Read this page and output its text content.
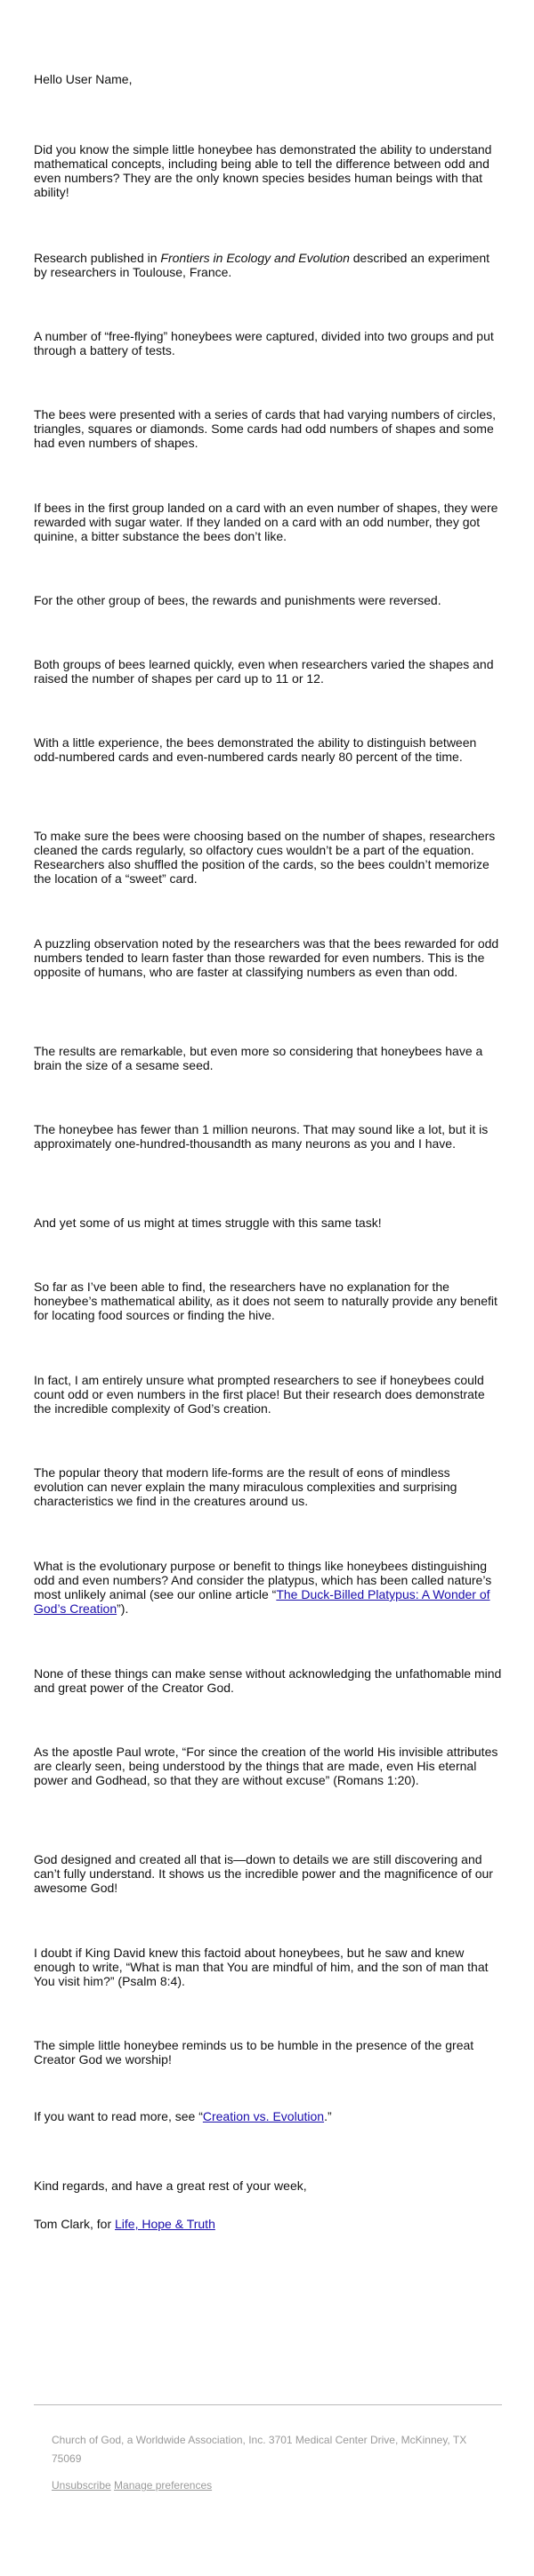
Hello User Name,

Did you know the simple little honeybee has demonstrated the ability to understand mathematical concepts, including being able to tell the difference between odd and even numbers? They are the only known species besides human beings with that ability!

Research published in Frontiers in Ecology and Evolution described an experiment by researchers in Toulouse, France.

A number of “free-flying” honeybees were captured, divided into two groups and put through a battery of tests.

The bees were presented with a series of cards that had varying numbers of circles, triangles, squares or diamonds. Some cards had odd numbers of shapes and some had even numbers of shapes.

If bees in the first group landed on a card with an even number of shapes, they were rewarded with sugar water. If they landed on a card with an odd number, they got quinine, a bitter substance the bees don’t like.

For the other group of bees, the rewards and punishments were reversed.

Both groups of bees learned quickly, even when researchers varied the shapes and raised the number of shapes per card up to 11 or 12.

With a little experience, the bees demonstrated the ability to distinguish between odd-numbered cards and even-numbered cards nearly 80 percent of the time.

To make sure the bees were choosing based on the number of shapes, researchers cleaned the cards regularly, so olfactory cues wouldn’t be a part of the equation. Researchers also shuffled the position of the cards, so the bees couldn’t memorize the location of a “sweet” card.

A puzzling observation noted by the researchers was that the bees rewarded for odd numbers tended to learn faster than those rewarded for even numbers. This is the opposite of humans, who are faster at classifying numbers as even than odd.

The results are remarkable, but even more so considering that honeybees have a brain the size of a sesame seed.

The honeybee has fewer than 1 million neurons. That may sound like a lot, but it is approximately one-hundred-thousandth as many neurons as you and I have.

And yet some of us might at times struggle with this same task!

So far as I’ve been able to find, the researchers have no explanation for the honeybee’s mathematical ability, as it does not seem to naturally provide any benefit for locating food sources or finding the hive.

In fact, I am entirely unsure what prompted researchers to see if honeybees could count odd or even numbers in the first place! But their research does demonstrate the incredible complexity of God’s creation.

The popular theory that modern life-forms are the result of eons of mindless evolution can never explain the many miraculous complexities and surprising characteristics we find in the creatures around us.

What is the evolutionary purpose or benefit to things like honeybees distinguishing odd and even numbers? And consider the platypus, which has been called nature’s most unlikely animal (see our online article “The Duck-Billed Platypus: A Wonder of God’s Creation”).

None of these things can make sense without acknowledging the unfathomable mind and great power of the Creator God.

As the apostle Paul wrote, “For since the creation of the world His invisible attributes are clearly seen, being understood by the things that are made, even His eternal power and Godhead, so that they are without excuse” (Romans 1:20).

God designed and created all that is—down to details we are still discovering and can’t fully understand. It shows us the incredible power and the magnificence of our awesome God!

I doubt if King David knew this factoid about honeybees, but he saw and knew enough to write, “What is man that You are mindful of him, and the son of man that You visit him?” (Psalm 8:4).

The simple little honeybee reminds us to be humble in the presence of the great Creator God we worship!

If you want to read more, see “Creation vs. Evolution.”

Kind regards, and have a great rest of your week,

Tom Clark, for Life, Hope & Truth

Church of God, a Worldwide Association, Inc. 3701 Medical Center Drive, McKinney, TX 75069
Unsubscribe Manage preferences
